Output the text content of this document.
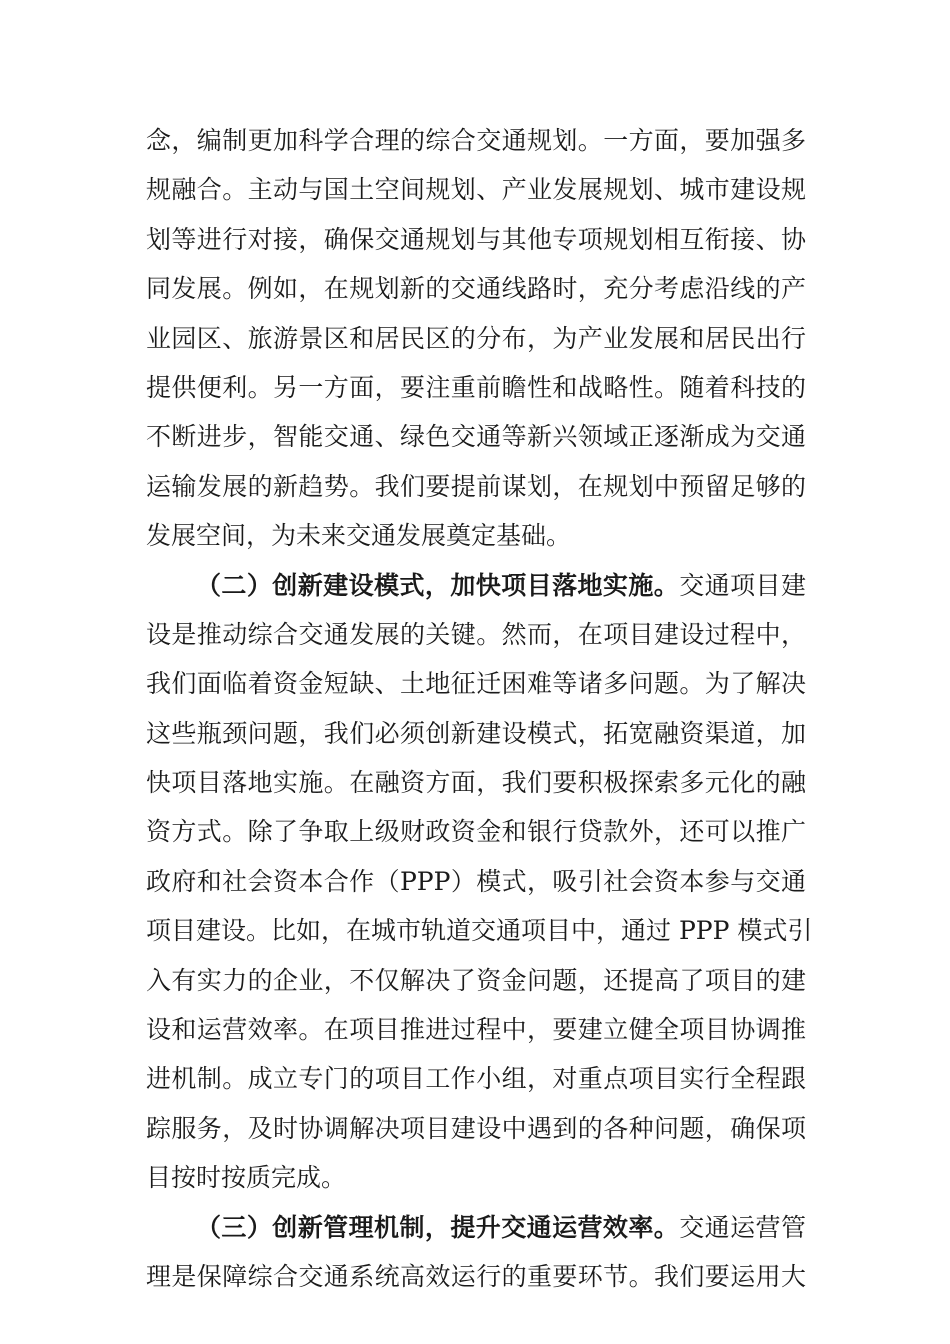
念，编制更加科学合理的综合交通规划。一方面，要加强多
规融合。主动与国土空间规划、产业发展规划、城市建设规
划等进行对接，确保交通规划与其他专项规划相互衔接、协
同发展。例如，在规划新的交通线路时，充分考虑沿线的产
业园区、旅游景区和居民区的分布，为产业发展和居民出行
提供便利。另一方面，要注重前瞻性和战略性。随着科技的
不断进步，智能交通、绿色交通等新兴领域正逐渐成为交通
运输发展的新趋势。我们要提前谋划，在规划中预留足够的
发展空间，为未来交通发展奠定基础。
（二）创新建设模式，加快项目落地实施。交通项目建
设是推动综合交通发展的关键。然而，在项目建设过程中，
我们面临着资金短缺、土地征迁困难等诸多问题。为了解决
这些瓶颈问题，我们必须创新建设模式，拓宽融资渠道，加
快项目落地实施。在融资方面，我们要积极探索多元化的融
资方式。除了争取上级财政资金和银行贷款外，还可以推广
政府和社会资本合作（PPP）模式，吸引社会资本参与交通
项目建设。比如，在城市轨道交通项目中，通过 PPP 模式引
入有实力的企业，不仅解决了资金问题，还提高了项目的建
设和运营效率。在项目推进过程中，要建立健全项目协调推
进机制。成立专门的项目工作小组，对重点项目实行全程跟
踪服务，及时协调解决项目建设中遇到的各种问题，确保项
目按时按质完成。
（三）创新管理机制，提升交通运营效率。交通运营管
理是保障综合交通系统高效运行的重要环节。我们要运用大
